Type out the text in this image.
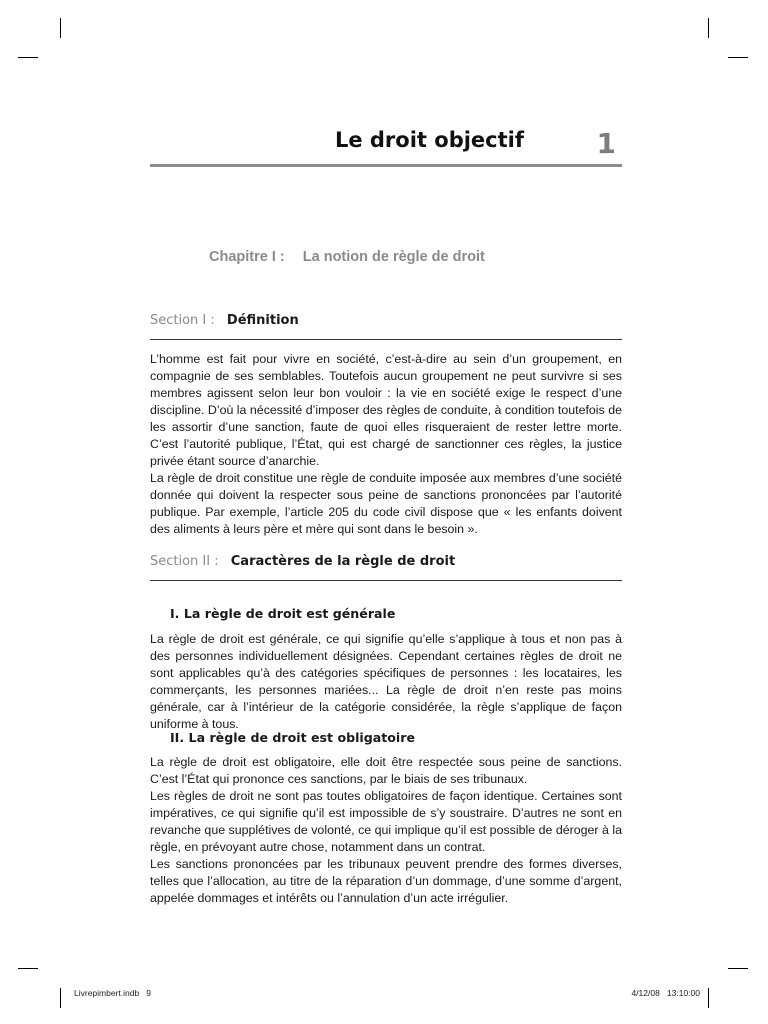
Le droit objectif	1
Chapitre I : La notion de règle de droit
Section I : Définition

L’homme est fait pour vivre en société, c’est-à-dire au sein d’un groupement, en compagnie de ses semblables. Toutefois aucun groupement ne peut survivre si ses membres agissent selon leur bon vouloir : la vie en société exige le respect d’une discipline. D’où la nécessité d’imposer des règles de conduite, à condition toutefois de les assortir d’une sanction, faute de quoi elles risqueraient de rester lettre morte. C’est l’autorité publique, l’État, qui est chargé de sanctionner ces règles, la justice privée étant source d’anarchie.

La règle de droit constitue une règle de conduite imposée aux membres d’une société donnée qui doivent la respecter sous peine de sanctions prononcées par l’autorité publique. Par exemple, l’article 205 du code civil dispose que « les enfants doivent des aliments à leurs père et mère qui sont dans le besoin ».

Section II : Caractères de la règle de droit
I. La règle de droit est générale

La règle de droit est générale, ce qui signifie qu’elle s’applique à tous et non pas à des personnes individuellement désignées. Cependant certaines règles de droit ne sont applicables qu’à des catégories spécifiques de personnes : les locataires, les commerçants, les personnes mariées... La règle de droit n’en reste pas moins générale, car à l’intérieur de la catégorie considérée, la règle s’applique de façon uniforme à tous.

II. La règle de droit est obligatoire

La règle de droit est obligatoire, elle doit être respectée sous peine de sanctions. C’est l’État qui prononce ces sanctions, par le biais de ses tribunaux.

Les règles de droit ne sont pas toutes obligatoires de façon identique. Certaines sont impératives, ce qui signifie qu’il est impossible de s’y soustraire. D’autres ne sont en revanche que supplétives de volonté, ce qui implique qu’il est possible de déroger à la règle, en prévoyant autre chose, notamment dans un contrat.

Les sanctions prononcées par les tribunaux peuvent prendre des formes diverses, telles que l’allocation, au titre de la réparation d’un dommage, d’une somme d’argent, appelée dommages et intérêts ou l’annulation d’un acte irrégulier.

Livrepimbert.indb   9	4/12/08   13:10:00
